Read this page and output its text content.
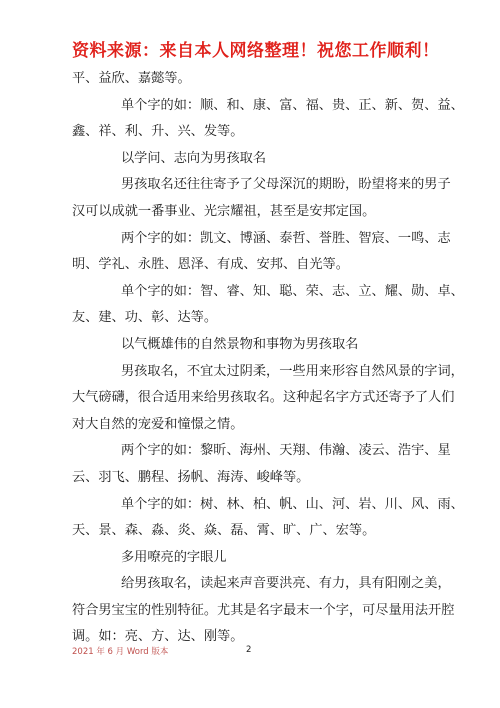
资料来源：来自本人网络整理！祝您工作顺利！
平、益欣、嘉懿等。
单个字的如：顺、和、康、富、福、贵、正、新、贺、益、
鑫、祥、利、升、兴、发等。
以学问、志向为男孩取名
男孩取名还往往寄予了父母深沉的期盼，盼望将来的男子
汉可以成就一番事业、光宗耀祖，甚至是安邦定国。
两个字的如：凯文、博涵、泰哲、誉胜、智宸、一鸣、志
明、学礼、永胜、恩泽、有成、安邦、自光等。
单个字的如：智、睿、知、聪、荣、志、立、耀、勋、卓、
友、建、功、彰、达等。
以气概雄伟的自然景物和事物为男孩取名
男孩取名，不宜太过阴柔，一些用来形容自然风景的字词，
大气磅礴，很合适用来给男孩取名。这种起名字方式还寄予了人们
对大自然的宠爱和憧憬之情。
两个字的如：黎昕、海州、天翔、伟瀚、凌云、浩宇、星
云、羽飞、鹏程、扬帆、海涛、峻峰等。
单个字的如：树、林、柏、帆、山、河、岩、川、风、雨、
天、景、森、淼、炎、焱、磊、霄、旷、广、宏等。
多用嘹亮的字眼儿
给男孩取名，读起来声音要洪亮、有力，具有阳刚之美，
符合男宝宝的性别特征。尤其是名字最末一个字，可尽量用法开腔
调。如：亮、方、达、刚等。
2021 年 6 月 Word 版本	2
